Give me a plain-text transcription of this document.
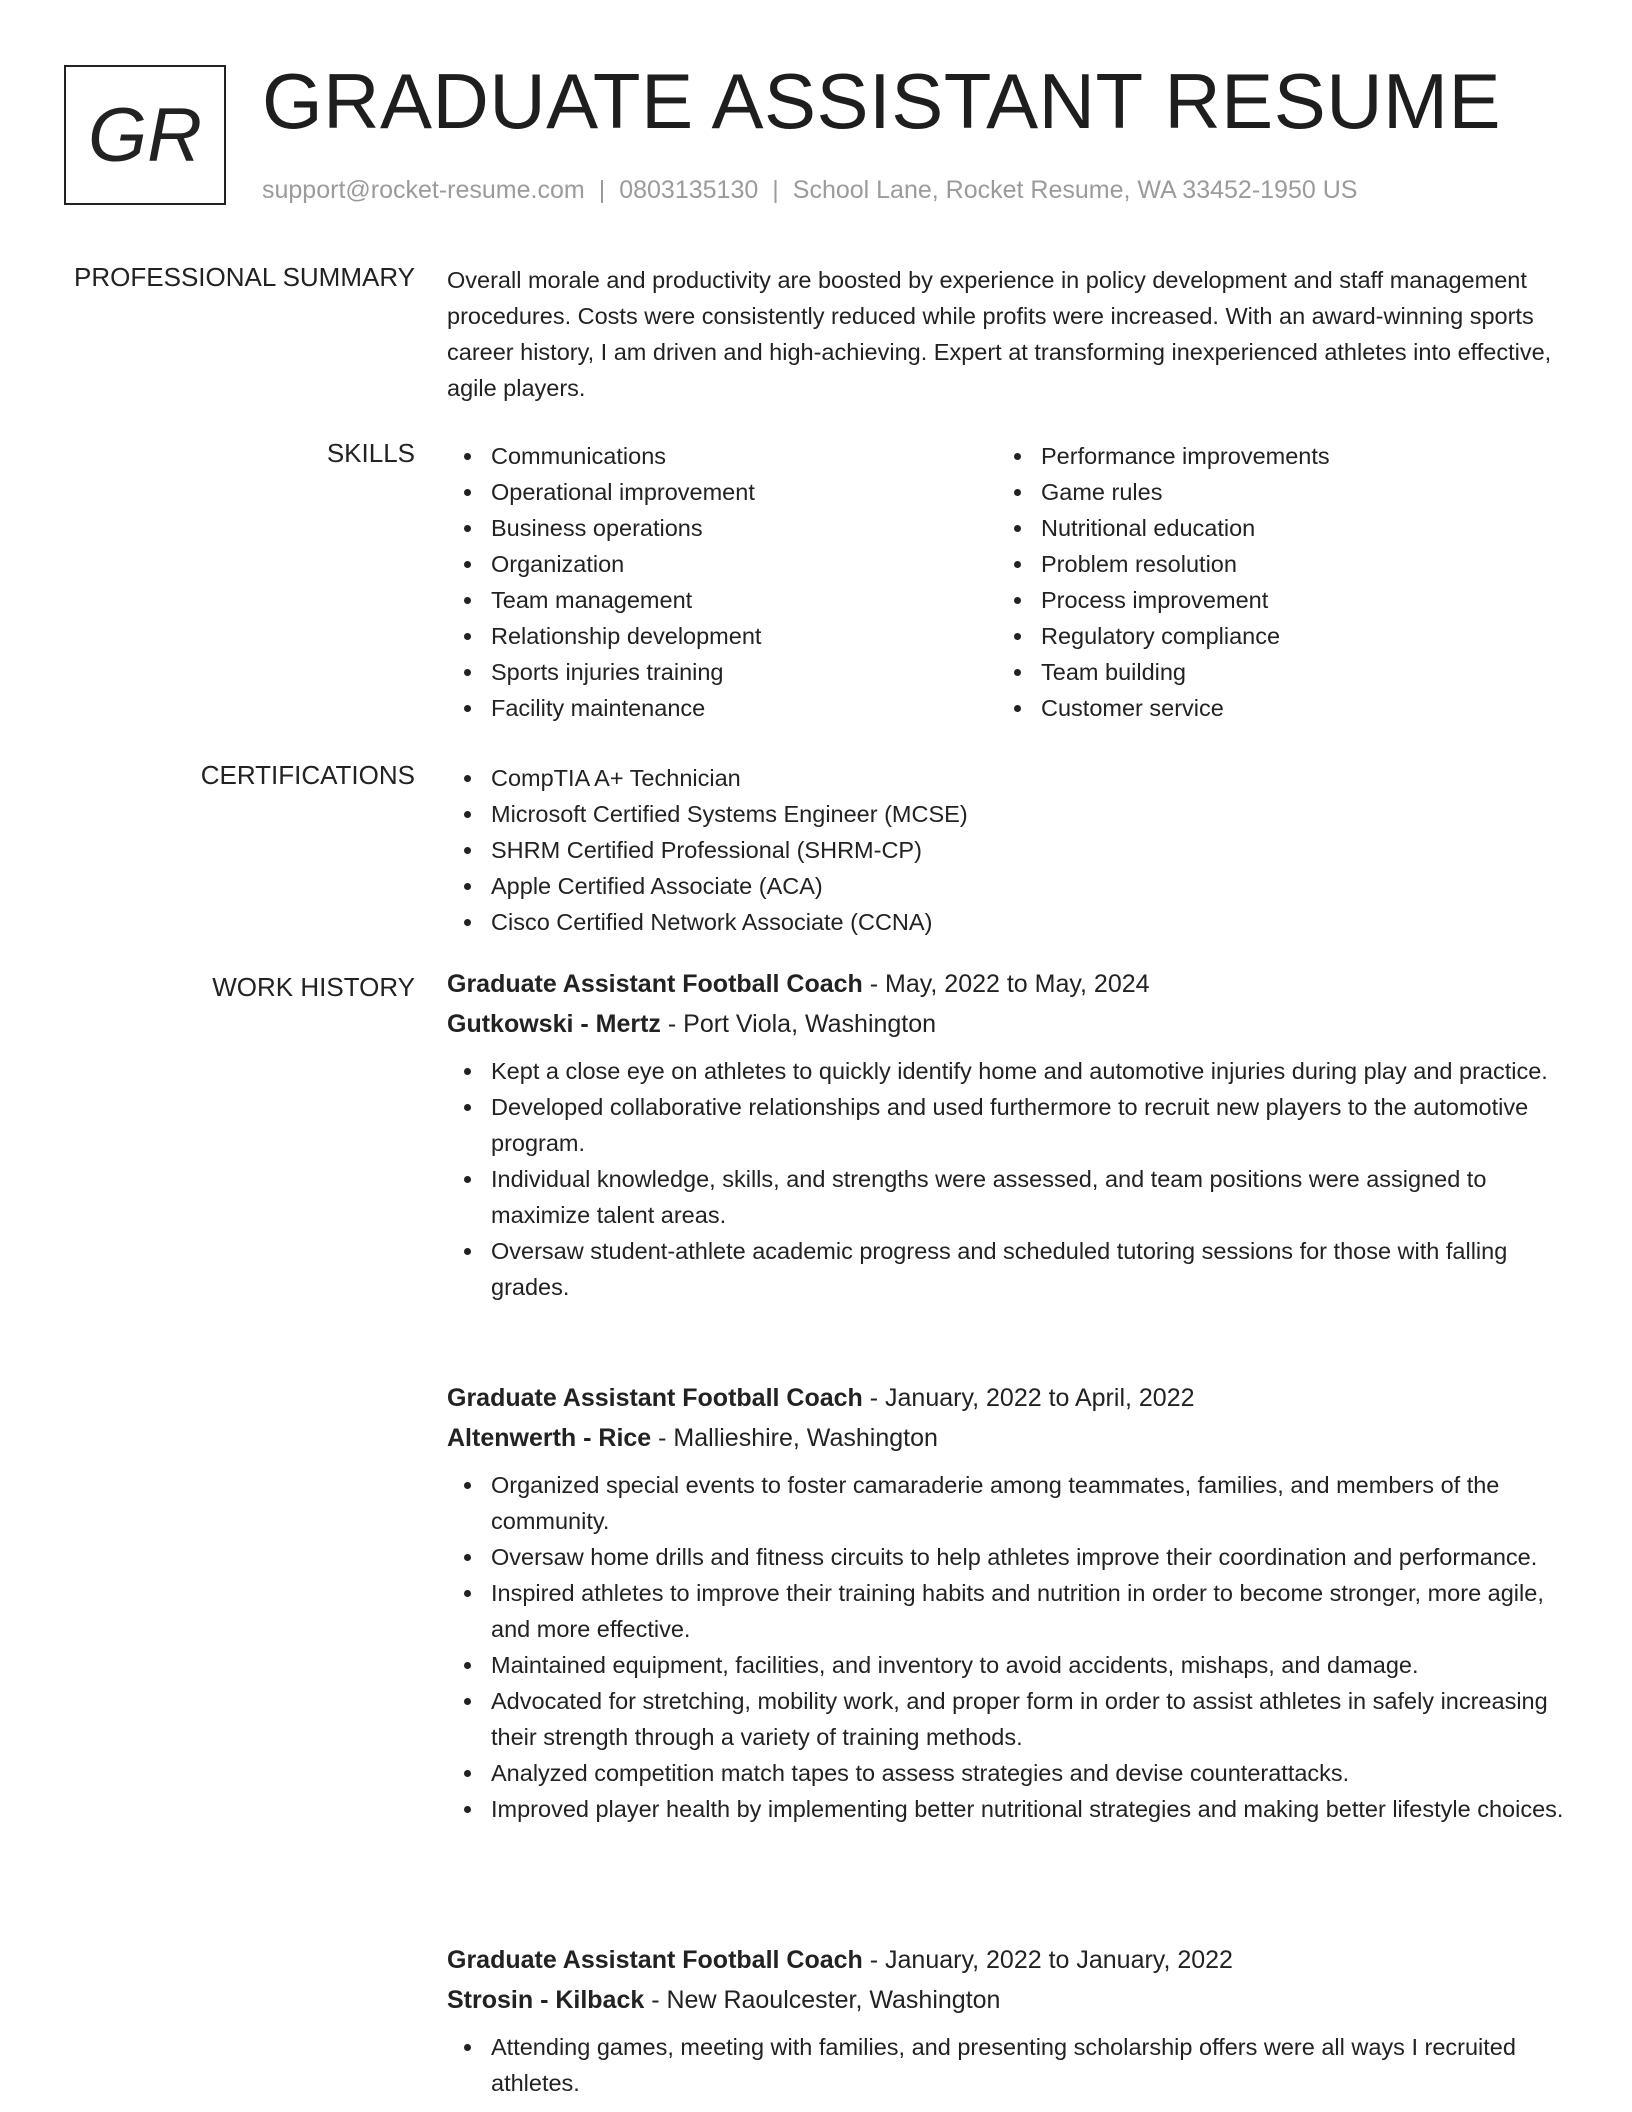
GR GRADUATE ASSISTANT RESUME
support@rocket-resume.com | 0803135130 | School Lane, Rocket Resume, WA 33452-1950 US
PROFESSIONAL SUMMARY Overall morale and productivity are boosted by experience in policy development and staff management procedures. Costs were consistently reduced while profits were increased. With an award-winning sports career history, I am driven and high-achieving. Expert at transforming inexperienced athletes into effective, agile players.
SKILLS	Communications
Operational improvement
Business operations
Organization
Team management
Relationship development
Sports injuries training
Facility maintenance
Performance improvements
Game rules
Nutritional education
Problem resolution
Process improvement
Regulatory compliance
Team building
Customer service
CERTIFICATIONS	CompTIA A+ Technician
Microsoft Certified Systems Engineer (MCSE)
SHRM Certified Professional (SHRM-CP)
Apple Certified Associate (ACA)
Cisco Certified Network Associate (CCNA)
WORK HISTORY Graduate Assistant Football Coach - May, 2022 to May, 2024
Gutkowski - Mertz - Port Viola, Washington
Kept a close eye on athletes to quickly identify home and automotive injuries during play and practice.
Developed collaborative relationships and used furthermore to recruit new players to the automotive program.
Individual knowledge, skills, and strengths were assessed, and team positions were assigned to maximize talent areas.
Oversaw student-athlete academic progress and scheduled tutoring sessions for those with falling grades.
Graduate Assistant Football Coach - January, 2022 to April, 2022
Altenwerth - Rice - Mallieshire, Washington
Organized special events to foster camaraderie among teammates, families, and members of the community.
Oversaw home drills and fitness circuits to help athletes improve their coordination and performance.
Inspired athletes to improve their training habits and nutrition in order to become stronger, more agile, and more effective.
Maintained equipment, facilities, and inventory to avoid accidents, mishaps, and damage.
Advocated for stretching, mobility work, and proper form in order to assist athletes in safely increasing their strength through a variety of training methods.
Analyzed competition match tapes to assess strategies and devise counterattacks.
Improved player health by implementing better nutritional strategies and making better lifestyle choices.
Graduate Assistant Football Coach - January, 2022 to January, 2022
Strosin - Kilback - New Raoulcester, Washington
Attending games, meeting with families, and presenting scholarship offers were all ways I recruited athletes.
